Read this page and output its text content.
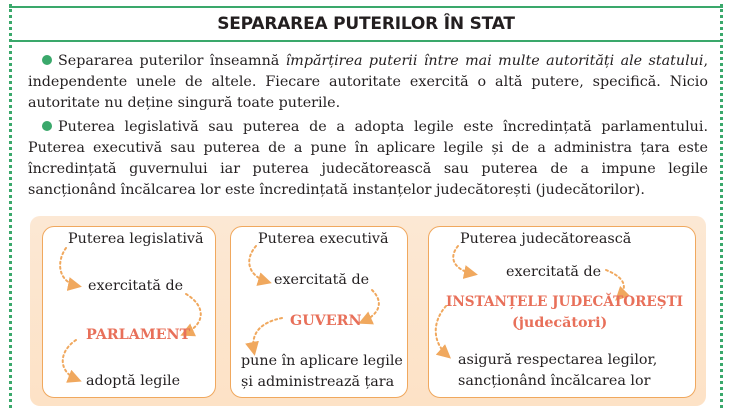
SEPARAREA PUTERILOR ÎN STAT
Separarea puterilor înseamnă împărțirea puterii între mai multe autorități ale statului, independente unele de altele. Fiecare autoritate exercită o altă putere, specifică. Nicio autoritate nu deține singură toate puterile.
Puterea legislativă sau puterea de a adopta legile este încredințată parlamentului. Puterea executivă sau puterea de a pune în aplicare legile și de a administra țara este încredințată guvernului iar puterea judecătorească sau puterea de a impune legile sancționând încălcarea lor este încredințată instanțelor judecătorești (judecătorilor).
Puterea legislativă
exercitată de
PARLAMENT
adoptă legile
Puterea executivă
exercitată de
GUVERN
pune în aplicare legile
și administrează țara
Puterea judecătorească
exercitată de
INSTANȚELE JUDECĂTOREȘTI
(judecători)
asigură respectarea legilor,
sancționând încălcarea lor
